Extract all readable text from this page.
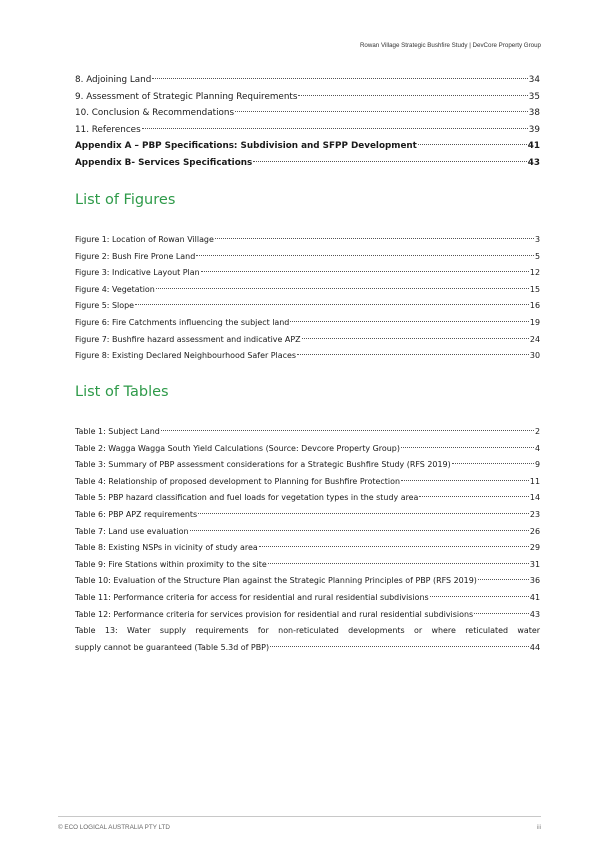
Rowan Village Strategic Bushfire Study | DevCore Property Group
8. Adjoining Land	34
9. Assessment of Strategic Planning Requirements	35
10. Conclusion & Recommendations	38
11. References	39
Appendix A – PBP Specifications: Subdivision and SFPP Development	41
Appendix B- Services Specifications	43
List of Figures
Figure 1: Location of Rowan Village	3
Figure 2: Bush Fire Prone Land	5
Figure 3: Indicative Layout Plan	12
Figure 4: Vegetation	15
Figure 5: Slope	16
Figure 6: Fire Catchments influencing the subject land	19
Figure 7: Bushfire hazard assessment and indicative APZ	24
Figure 8: Existing Declared Neighbourhood Safer Places	30
List of Tables
Table 1: Subject Land	2
Table 2: Wagga Wagga South Yield Calculations (Source: Devcore Property Group)	4
Table 3: Summary of PBP assessment considerations for a Strategic Bushfire Study (RFS 2019)	9
Table 4: Relationship of proposed development to Planning for Bushfire Protection	11
Table 5: PBP hazard classification and fuel loads for vegetation types in the study area	14
Table 6: PBP APZ requirements	23
Table 7: Land use evaluation	26
Table 8: Existing NSPs in vicinity of study area	29
Table 9: Fire Stations within proximity to the site	31
Table 10: Evaluation of the Structure Plan against the Strategic Planning Principles of PBP (RFS 2019)	36
Table 11: Performance criteria for access for residential and rural residential subdivisions	41
Table 12: Performance criteria for services provision for residential and rural residential subdivisions	43
Table 13: Water supply requirements for non-reticulated developments or where reticulated water
supply cannot be guaranteed (Table 5.3d of PBP)	44
© ECO LOGICAL AUSTRALIA PTY LTD	iii
